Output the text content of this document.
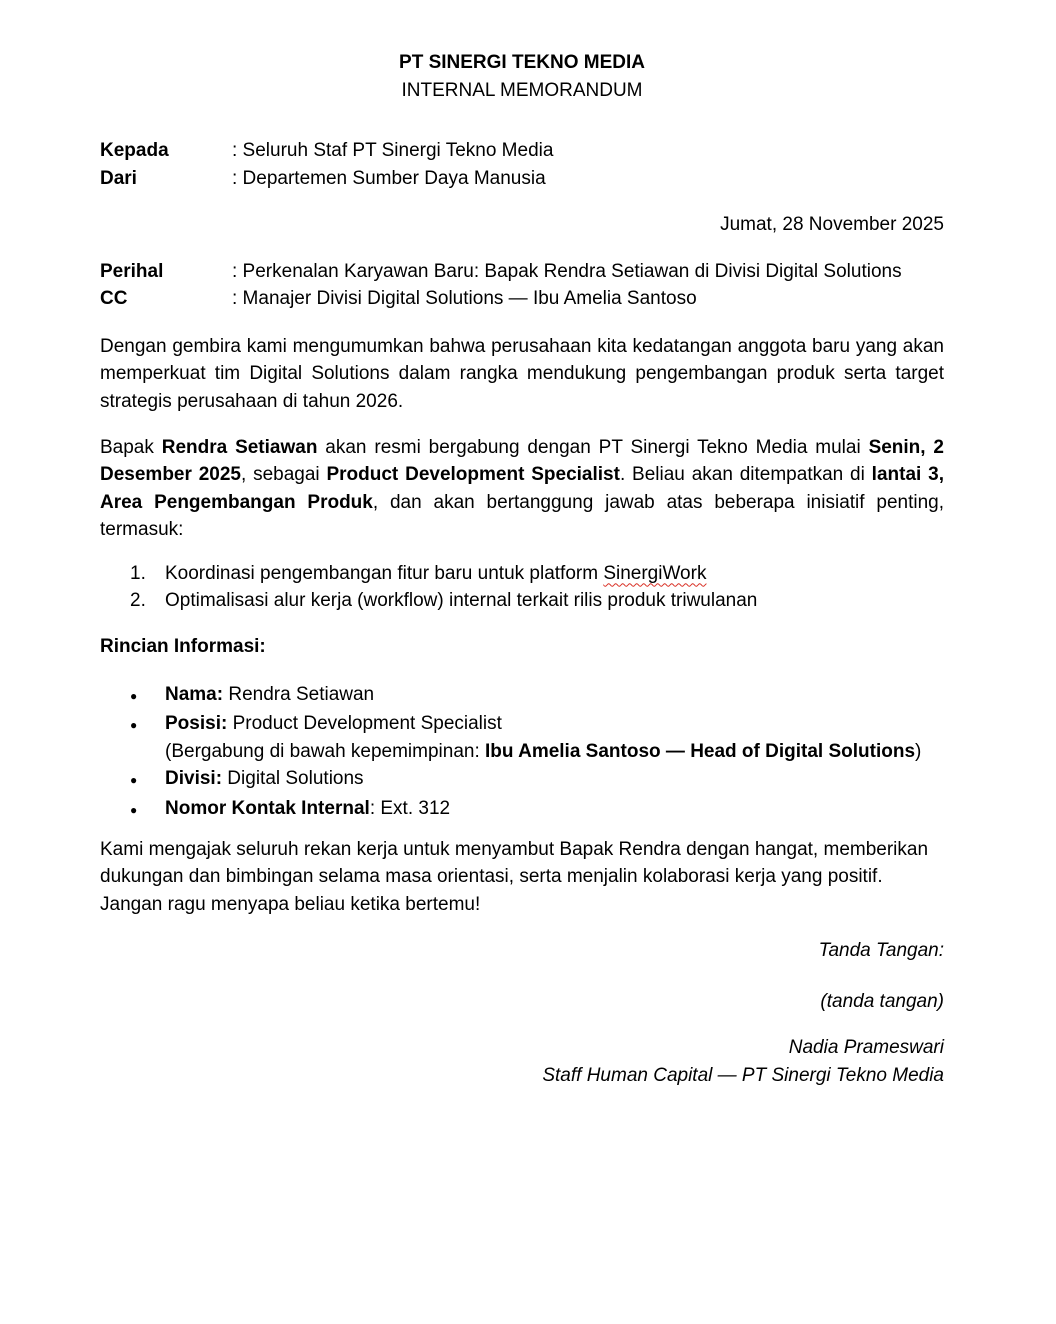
PT SINERGI TEKNO MEDIA
INTERNAL MEMORANDUM
Kepada	: Seluruh Staf PT Sinergi Tekno Media
Dari	: Departemen Sumber Daya Manusia
Jumat, 28 November 2025
Perihal	: Perkenalan Karyawan Baru: Bapak Rendra Setiawan di Divisi Digital Solutions
CC	: Manajer Divisi Digital Solutions — Ibu Amelia Santoso

Dengan gembira kami mengumumkan bahwa perusahaan kita kedatangan anggota baru yang akan memperkuat tim Digital Solutions dalam rangka mendukung pengembangan produk serta target strategis perusahaan di tahun 2026.

Bapak Rendra Setiawan akan resmi bergabung dengan PT Sinergi Tekno Media mulai Senin, 2 Desember 2025, sebagai Product Development Specialist. Beliau akan ditempatkan di lantai 3, Area Pengembangan Produk, dan akan bertanggung jawab atas beberapa inisiatif penting, termasuk:

1.	Koordinasi pengembangan fitur baru untuk platform SinergiWork
2.	Optimalisasi alur kerja (workflow) internal terkait rilis produk triwulanan
Rincian Informasi:
●	Nama: Rendra Setiawan
●	Posisi: Product Development Specialist
(Bergabung di bawah kepemimpinan: Ibu Amelia Santoso — Head of Digital Solutions)
●	Divisi: Digital Solutions
●	Nomor Kontak Internal: Ext. 312

Kami mengajak seluruh rekan kerja untuk menyambut Bapak Rendra dengan hangat, memberikan dukungan dan bimbingan selama masa orientasi, serta menjalin kolaborasi kerja yang positif. Jangan ragu menyapa beliau ketika bertemu!

Tanda Tangan:
(tanda tangan)
Nadia Prameswari
Staff Human Capital — PT Sinergi Tekno Media
